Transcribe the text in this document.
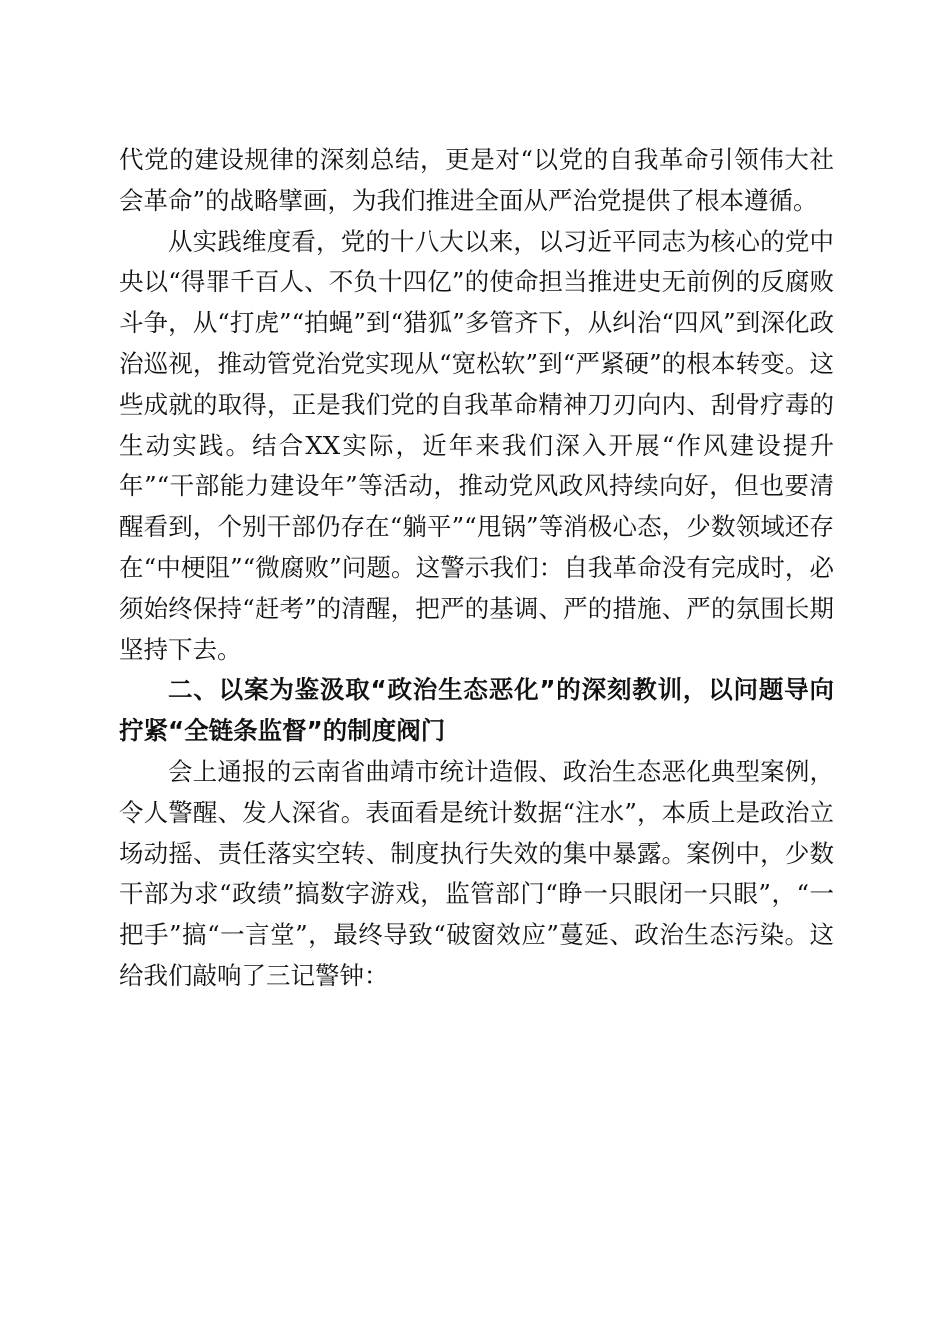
代党的建设规律的深刻总结，更是对“以党的自我革命引领伟大社会革命”的战略擘画，为我们推进全面从严治党提供了根本遵循。

从实践维度看，党的十八大以来，以习近平同志为核心的党中央以“得罪千百人、不负十四亿”的使命担当推进史无前例的反腐败斗争，从“打虎”“拍蝇”到“猎狐”多管齐下，从纠治“四风”到深化政治巡视，推动管党治党实现从“宽松软”到“严紧硬”的根本转变。这些成就的取得，正是我们党的自我革命精神刀刃向内、刮骨疗毒的生动实践。结合XX实际，近年来我们深入开展“作风建设提升年”“干部能力建设年”等活动，推动党风政风持续向好，但也要清醒看到，个别干部仍存在“躺平”“甩锅”等消极心态，少数领域还存在“中梗阻”“微腐败”问题。这警示我们：自我革命没有完成时，必须始终保持“赶考”的清醒，把严的基调、严的措施、严的氛围长期坚持下去。

二、以案为鉴汲取“政治生态恶化”的深刻教训，以问题导向拧紧“全链条监督”的制度阀门

会上通报的云南省曲靖市统计造假、政治生态恶化典型案例，令人警醒、发人深省。表面看是统计数据“注水”，本质上是政治立场动摇、责任落实空转、制度执行失效的集中暴露。案例中，少数干部为求“政绩”搞数字游戏，监管部门“睁一只眼闭一只眼”，“一把手”搞“一言堂”，最终导致“破窗效应”蔓延、政治生态污染。这给我们敲响了三记警钟：
